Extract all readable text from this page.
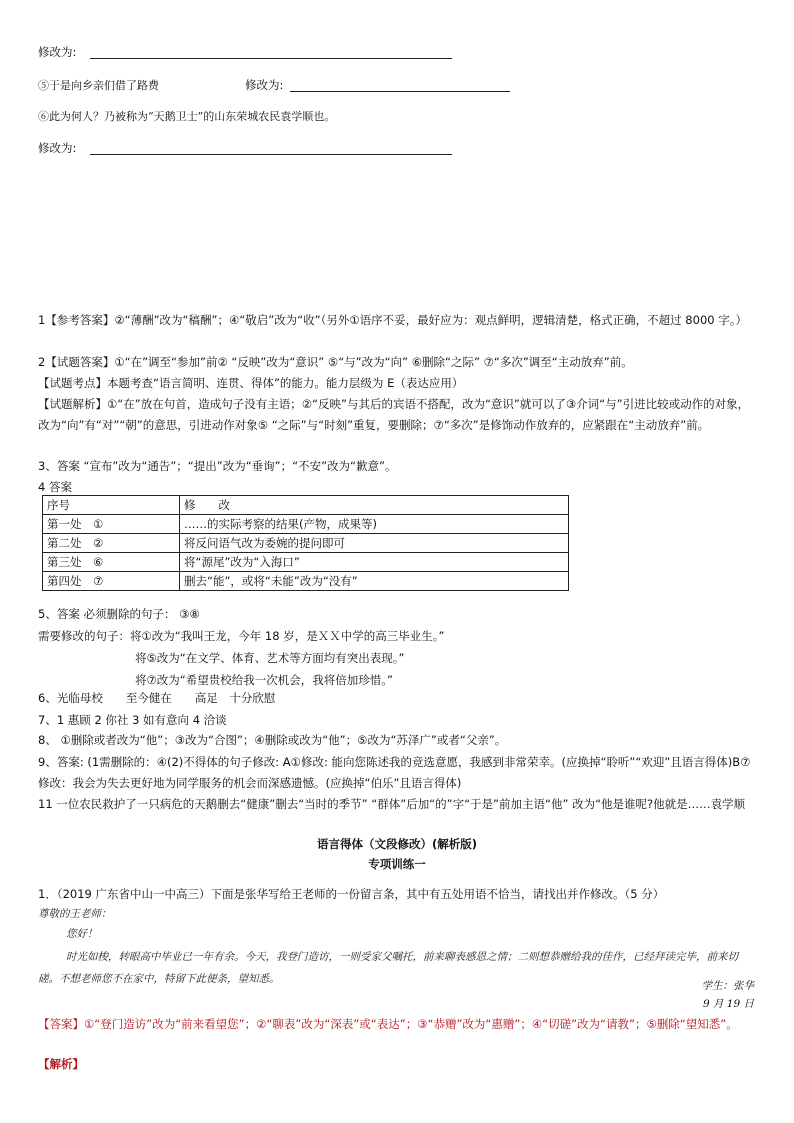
修改为:
⑤于是向乡亲们借了路费	修改为:
⑥此为何人？乃被称为“天鹅卫士”的山东荣城农民袁学顺也。
修改为:
1【参考答案】②“薄酬”改为“稿酬”；④“敬启”改为“收”（另外①语序不妥，最好应为：观点鲜明，逻辑清楚，格式正确，不超过 8000 字。）
2【试题答案】①“在”调至“参加”前② “反映”改为“意识” ⑤“与”改为“向” ⑥删除“之际” ⑦“多次”调至“主动放弃”前。
【试题考点】本题考查“语言简明、连贯、得体”的能力。能力层级为 E（表达应用）
【试题解析】①“在”放在句首，造成句子没有主语；②“反映”与其后的宾语不搭配，改为“意识”就可以了③介词“与”引进比较或动作的对象，改为“向”有“对”“朝”的意思，引进动作对象⑤ “之际”与“时刻”重复，要删除；⑦“多次”是修饰动作放弃的，应紧跟在“主动放弃”前。
3、答案 “宣布”改为“通告”；“提出”改为“垂询”；“不安”改为“歉意”。
4 答案
序号	修　　改
第一处　①	……的实际考察的结果(产物，成果等)
第二处　②	将反问语气改为委婉的提问即可
第三处　⑥	将“源尾”改为“入海口”
第四处　⑦	删去“能”，或将“未能”改为“没有”
5、答案 必须删除的句子： ③⑧
需要修改的句子：将①改为“我叫王龙，今年 18 岁，是ＸＸ中学的高三毕业生。”
将⑤改为“在文学、体育、艺术等方面均有突出表现。”
将⑦改为“希望贵校给我一次机会，我将倍加珍惜。”
6、光临母校　　至今健在　　高足　十分欣慰
7、1 惠顾 2 你社 3 如有意向 4 洽谈
8、 ①删除或者改为“他”；③改为“合图”；④删除或改为“他”；⑤改为“苏泽广”或者“父亲”。
9、答案: (1需删除的：④(2)不得体的句子修改: A①修改: 能向您陈述我的竞选意愿，我感到非常荣幸。(应换掉“聆听”“欢迎”且语言得体)B⑦修改：我会为失去更好地为同学服务的机会而深感遗憾。(应换掉“伯乐”且语言得体)
11 一位农民救护了一只病危的天鹅删去“健康”删去“当时的季节” “群体”后加“的”字“于是”前加主语“他” 改为“他是谁呢?他就是……袁学顺
语言得体（文段修改）(解析版)
专项训练一
1．（2019 广东省中山一中高三）下面是张华写给王老师的一份留言条，其中有五处用语不恰当，请找出并作修改。（5 分）
尊敬的王老师：
您好！
时光如梭，转眼高中毕业已一年有余。今天，我登门造访，一则受家父嘱托，前来聊表感恩之情；二则想恭赠给我的佳作，已经拜读完毕，前来切磋。不想老师您不在家中，特留下此便条，望知悉。
学生：张华
9 月 19 日
【答案】①“登门造访”改为“前来看望您”；②“聊表”改为“深表”或“表达”；③“恭赠”改为“惠赠”；④“切磋”改为“请教”；⑤删除“望知悉”。
【解析】
